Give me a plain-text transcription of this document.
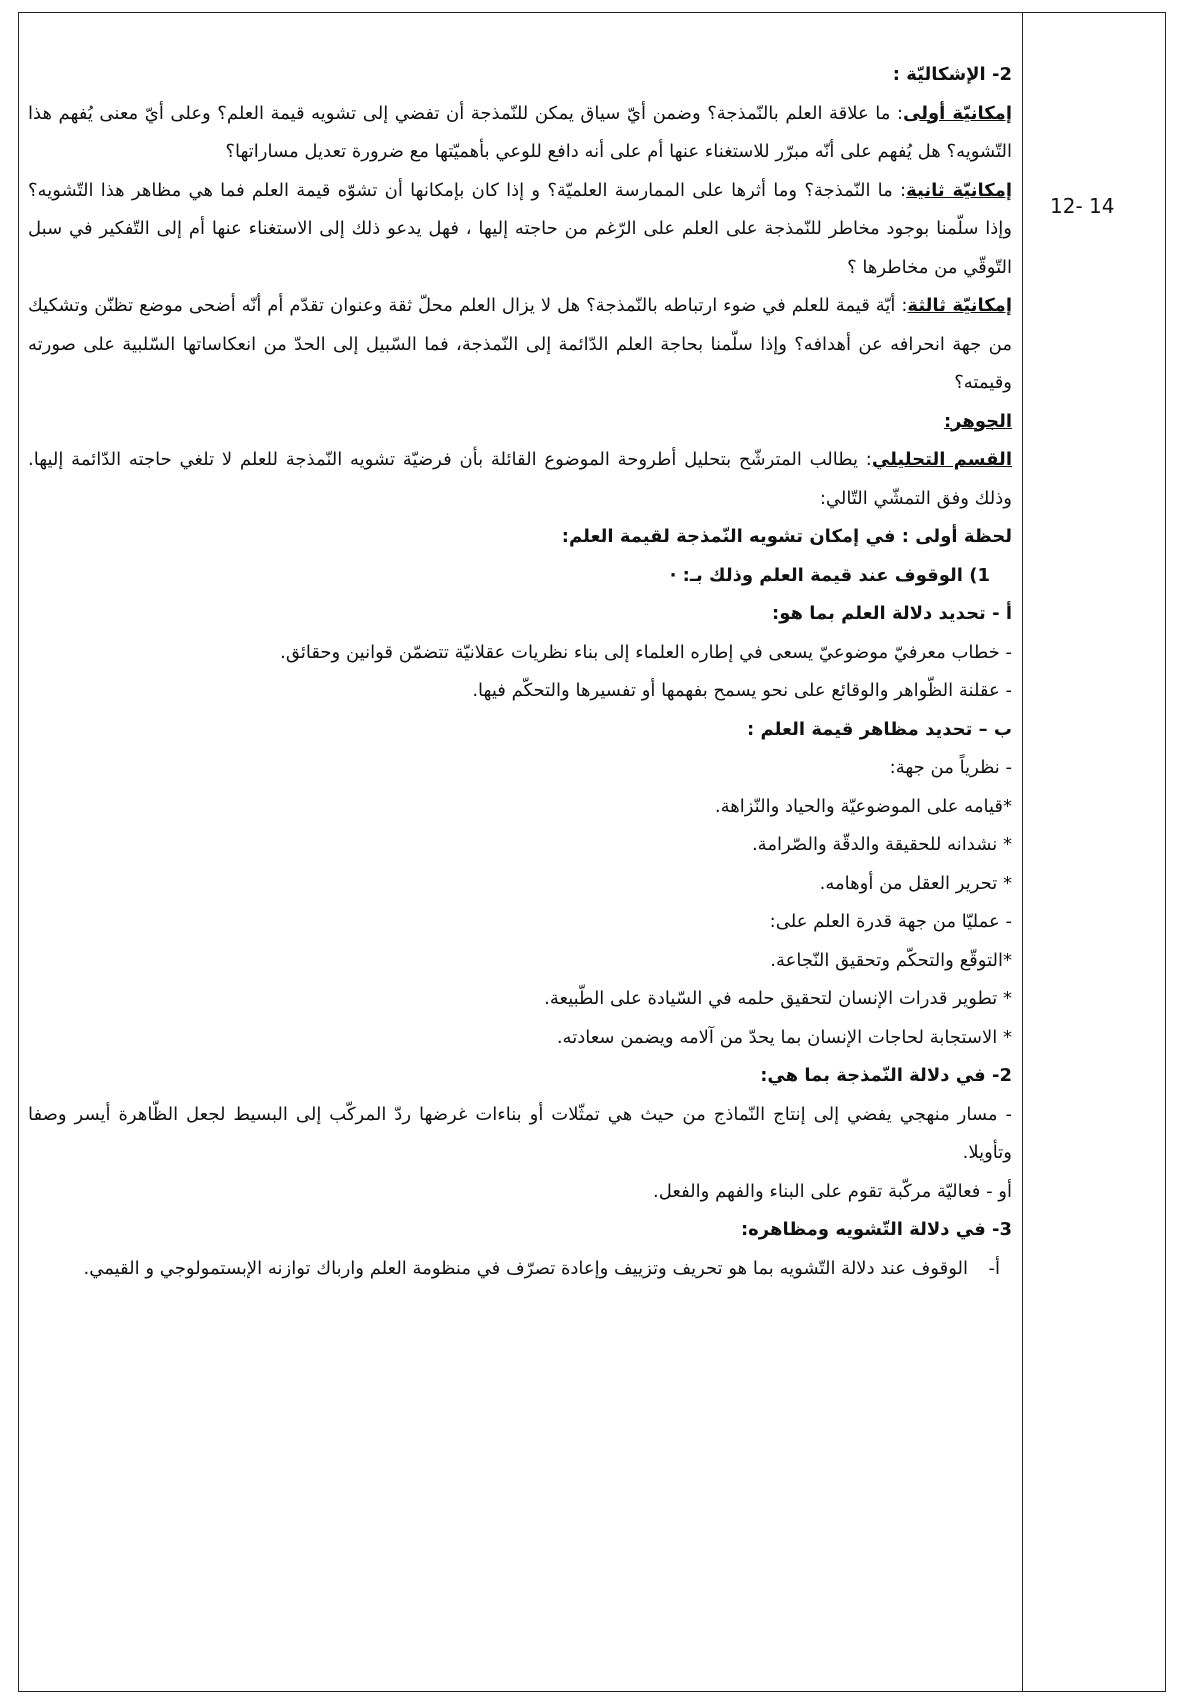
12- 14

2- الإشكاليّة :

إمكانيّة أولى: ما علاقة العلم بالنّمذجة؟ وضمن أيّ سياق يمكن للنّمذجة أن تفضي إلى تشويه قيمة العلم؟ وعلى أيّ معنى يُفهم هذا التّشويه؟ هل يُفهم على أنّه مبرّر للاستغناء عنها أم على أنه دافع للوعي بأهميّتها مع ضرورة تعديل مساراتها؟

إمكانيّة ثانية: ما النّمذجة؟ وما أثرها على الممارسة العلميّة؟ و إذا كان بإمكانها أن تشوّه قيمة العلم فما هي مظاهر هذا التّشويه؟ وإذا سلّمنا بوجود مخاطر للنّمذجة على العلم على الرّغم من حاجته إليها ، فهل يدعو ذلك إلى الاستغناء عنها أم إلى التّفكير في سبل التّوقّي من مخاطرها ؟

إمكانيّة ثالثة: أيّة قيمة للعلم في ضوء ارتباطه بالنّمذجة؟ هل لا يزال العلم محلّ ثقة وعنوان تقدّم أم أنّه أضحى موضع تظنّن وتشكيك من جهة انحرافه عن أهدافه؟ وإذا سلّمنا بحاجة العلم الدّائمة إلى النّمذجة، فما السّبيل إلى الحدّ من انعكاساتها السّلبية على صورته وقيمته؟

الجوهر:

القسم التحليلي: يطالب المترشّح بتحليل أطروحة الموضوع القائلة بأن فرضيّة تشويه النّمذجة للعلم لا تلغي حاجته الدّائمة إليها. وذلك وفق التمشّي التّالي:

لحظة أولى : في إمكان تشويه النّمذجة لقيمة العلم:

1) الوقوف عند قيمة العلم وذلك بـ: ·

أ - تحديد دلالة العلم بما هو:

- خطاب معرفيّ موضوعيّ يسعى في إطاره العلماء إلى بناء نظريات عقلانيّة تتضمّن قوانين وحقائق.

- عقلنة الظّواهر والوقائع على نحو يسمح بفهمها أو تفسيرها والتحكّم فيها.

ب – تحديد مظاهر قيمة العلم :

- نظرياً من جهة:

*قيامه على الموضوعيّة والحياد والنّزاهة.

* نشدانه للحقيقة والدقّة والصّرامة.

* تحرير العقل من أوهامه.

- عمليّا من جهة قدرة العلم على:

*التوقّع والتحكّم وتحقيق النّجاعة.

* تطوير قدرات الإنسان لتحقيق حلمه في السّيادة على الطّبيعة.

* الاستجابة لحاجات الإنسان بما يحدّ من آلامه ويضمن سعادته.

2- في دلالة النّمذجة بما هي:

- مسار منهجي يفضي إلى إنتاج النّماذج من حيث هي تمثّلات أو بناءات غرضها ردّ المركّب إلى البسيط لجعل الظّاهرة أيسر وصفا وتأويلا.

أو - فعاليّة مركّبة تقوم على البناء والفهم والفعل.

3- في دلالة التّشويه ومظاهره:

أ-
الوقوف عند دلالة التّشويه بما هو تحريف وتزييف وإعادة تصرّف في منظومة العلم وارباك توازنه الإبستمولوجي و القيمي.
